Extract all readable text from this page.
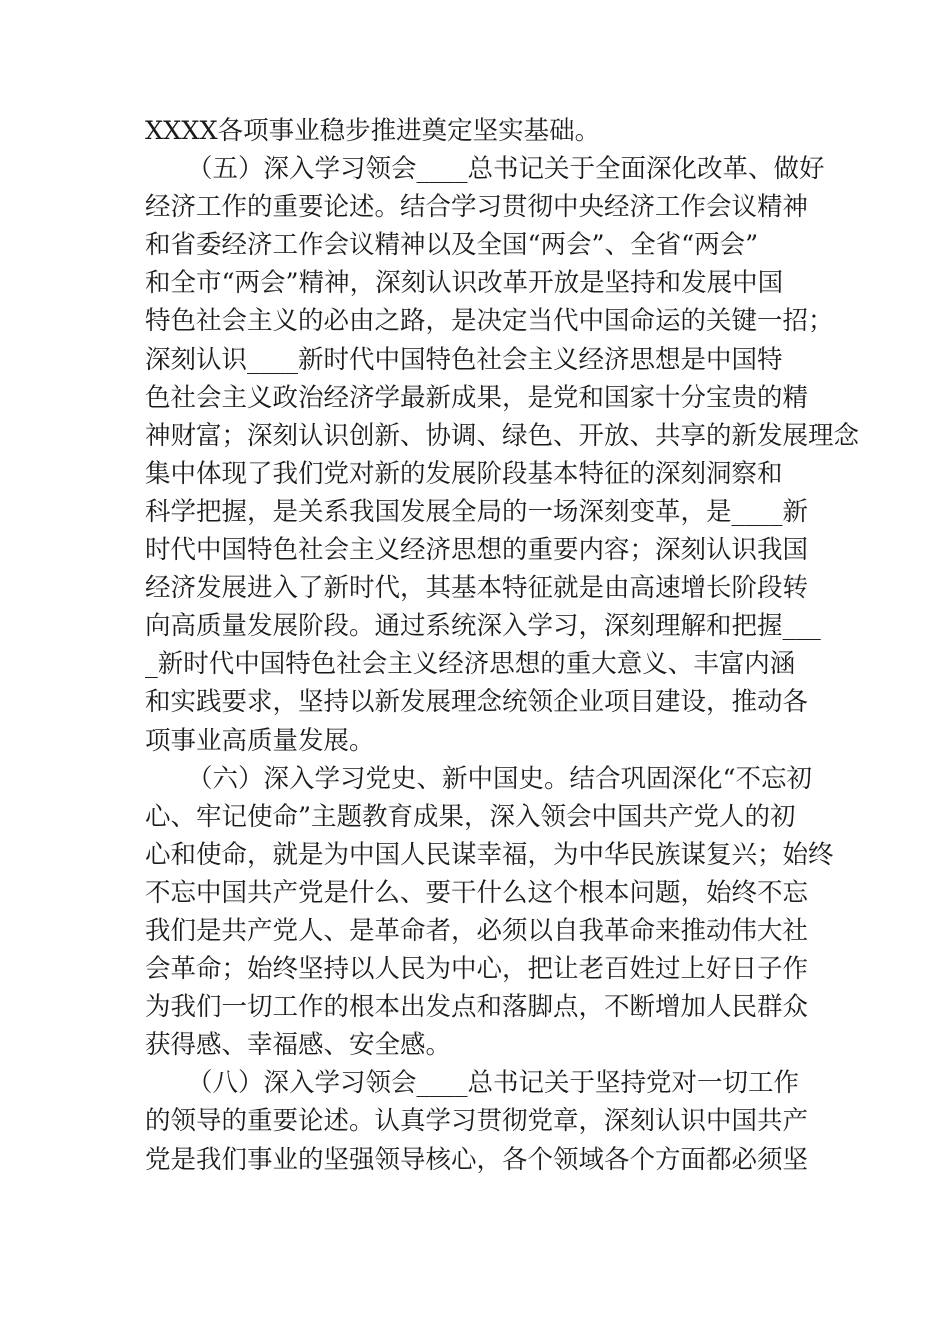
XXXX各项事业稳步推进奠定坚实基础。
（五）深入学习领会____总书记关于全面深化改革、做好
经济工作的重要论述。结合学习贯彻中央经济工作会议精神
和省委经济工作会议精神以及全国“两会”、全省“两会”
和全市“两会”精神，深刻认识改革开放是坚持和发展中国
特色社会主义的必由之路，是决定当代中国命运的关键一招；
深刻认识____新时代中国特色社会主义经济思想是中国特
色社会主义政治经济学最新成果，是党和国家十分宝贵的精
神财富；深刻认识创新、协调、绿色、开放、共享的新发展理念
集中体现了我们党对新的发展阶段基本特征的深刻洞察和
科学把握，是关系我国发展全局的一场深刻变革，是____新
时代中国特色社会主义经济思想的重要内容；深刻认识我国
经济发展进入了新时代，其基本特征就是由高速增长阶段转
向高质量发展阶段。通过系统深入学习，深刻理解和把握___
_新时代中国特色社会主义经济思想的重大意义、丰富内涵
和实践要求，坚持以新发展理念统领企业项目建设，推动各
项事业高质量发展。
（六）深入学习党史、新中国史。结合巩固深化“不忘初
心、牢记使命”主题教育成果，深入领会中国共产党人的初
心和使命，就是为中国人民谋幸福，为中华民族谋复兴；始终
不忘中国共产党是什么、要干什么这个根本问题，始终不忘
我们是共产党人、是革命者，必须以自我革命来推动伟大社
会革命；始终坚持以人民为中心，把让老百姓过上好日子作
为我们一切工作的根本出发点和落脚点，不断增加人民群众
获得感、幸福感、安全感。
（八）深入学习领会____总书记关于坚持党对一切工作
的领导的重要论述。认真学习贯彻党章，深刻认识中国共产
党是我们事业的坚强领导核心，各个领域各个方面都必须坚
